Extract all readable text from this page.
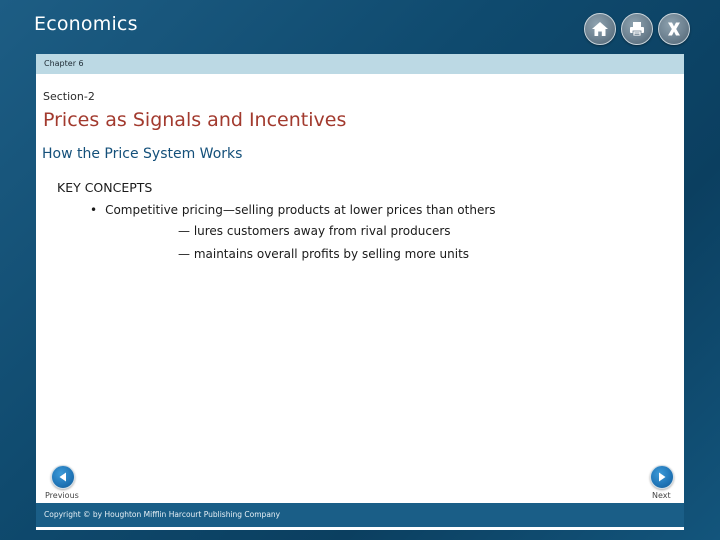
Economics
Chapter 6
Section-2
Prices as Signals and Incentives
How the Price System Works
KEY CONCEPTS
• Competitive pricing—selling products at lower prices than others
— lures customers away from rival producers
— maintains overall profits by selling more units
Previous	Next
Copyright © by Houghton Mifflin Harcourt Publishing Company
